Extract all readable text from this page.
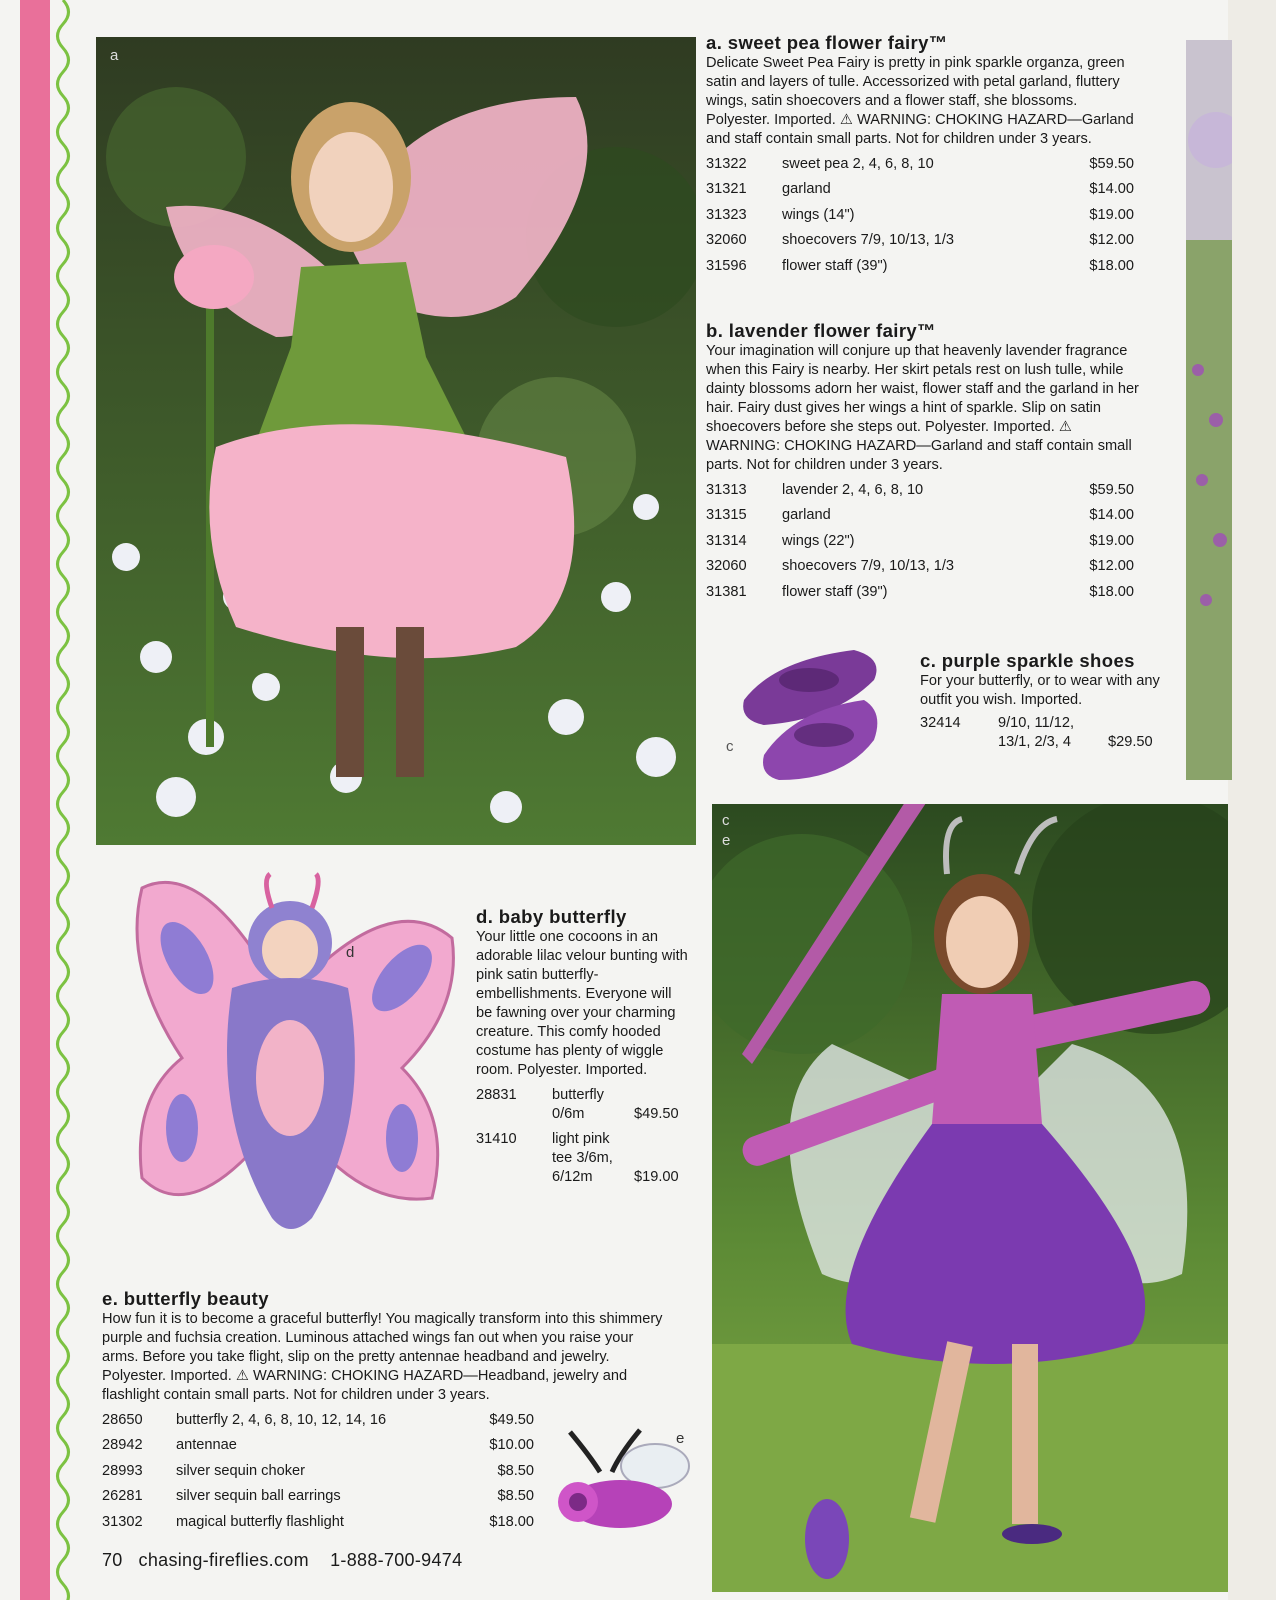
a
a. sweet pea flower fairy™

Delicate Sweet Pea Fairy is pretty in pink sparkle organza, green satin and layers of tulle. Accessorized with petal garland, fluttery wings, satin shoecovers and a flower staff, she blossoms. Polyester. Imported. ⚠ WARNING: CHOKING HAZARD—Garland and staff contain small parts. Not for children under 3 years.

31322	sweet pea 2, 4, 6, 8, 10	$59.50
31321	garland	$14.00
31323	wings (14")	$19.00
32060	shoecovers 7/9, 10/13, 1/3	$12.00
31596	flower staff (39")	$18.00
b. lavender flower fairy™

Your imagination will conjure up that heavenly lavender fragrance when this Fairy is nearby. Her skirt petals rest on lush tulle, while dainty blossoms adorn her waist, flower staff and the garland in her hair. Fairy dust gives her wings a hint of sparkle. Slip on satin shoecovers before she steps out. Polyester. Imported. ⚠ WARNING: CHOKING HAZARD—Garland and staff contain small parts. Not for children under 3 years.

31313	lavender 2, 4, 6, 8, 10	$59.50
31315	garland	$14.00
31314	wings (22")	$19.00
32060	shoecovers 7/9, 10/13, 1/3	$12.00
31381	flower staff (39")	$18.00
c
c. purple sparkle shoes

For your butterfly, or to wear with any outfit you wish. Imported.

32414	9/10, 11/12,
13/1, 2/3, 4	$29.50
c
e
d
d. baby butterfly

Your little one cocoons in an adorable lilac velour bunting with pink satin butterfly-embellishments. Everyone will be fawning over your charming creature. This comfy hooded costume has plenty of wiggle room. Polyester. Imported.

28831 butterfly
0/6m	$49.50
31410 light pink
tee 3/6m,
6/12m	$19.00
e. butterfly beauty

How fun it is to become a graceful butterfly! You magically transform into this shimmery purple and fuchsia creation. Luminous attached wings fan out when you raise your arms. Before you take flight, slip on the pretty antennae headband and jewelry. Polyester. Imported. ⚠ WARNING: CHOKING HAZARD—Headband, jewelry and flashlight contain small parts. Not for children under 3 years.

28650	butterfly 2, 4, 6, 8, 10, 12, 14, 16	$49.50
28942	antennae	$10.00
28993	silver sequin choker	$8.50
26281	silver sequin ball earrings	$8.50
31302	magical butterfly flashlight	$18.00
e
70 chasing-fireflies.com 1-888-700-9474
